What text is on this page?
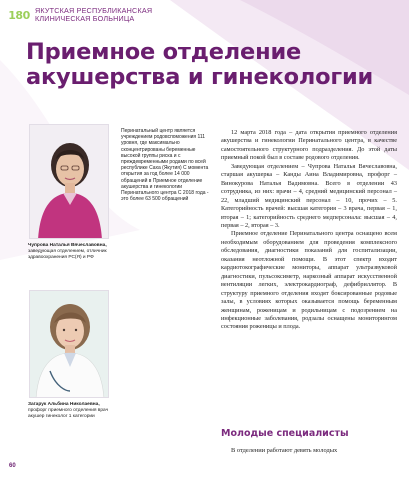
180 ЯКУТСКАЯ РЕСПУБЛИКАНСКАЯ
КЛИНИЧЕСКАЯ БОЛЬНИЦА
Приемное отделение
акушерства и гинекологии
Чупрова Наталья Вячеславовна,
заведующая отделением, отличник здравоохранения РС(Я) и РФ
Загарук Альбина Николаевна,
профорг приемного отделения врач акушер гинеколог 1 категории

Перинатальный центр является учреждением родовспоможения 111 уровня, где максимально сконцентрированы беременные высокой группы риска и с преждевременными родами по всей республике Саха (Якутия) С момента открытия за год более 14 000 обращений в Приемное отделение акушерства и гинекологии Перинатального центра С 2018 года - это более 63 500 обращений

12 марта 2018 года – дата открытия приемного отделения акушерства и гинекологии Перинатального центра, в качестве самостоятельного структурного подразделения. До этой даты приемный покой был в составе родового отделения.

Заведующая отделением – Чупрова Наталья Вячеславовна, старшая акушерка – Канды Аина Владимировна, профорг – Винокурова Наталья Вадимовна. Всего в отделении 43 сотрудника, из них: врачи – 4, средний медицинский персонал – 22, младший медицинский персонал – 10, прочих – 5. Категорийность врачей: высшая категория – 3 врача, первая – 1, вторая – 1; категорийность среднего медперсонала: высшая – 4, первая – 2, вторая – 3.

Приемное отделение Перинатального центра оснащено всем необходимым оборудованием для проведения комплексного обследования, диагностики показаний для госпитализации, оказания неотложной помощи. В этот спектр входит кардиотокографические мониторы, аппарат ультразвуковой диагностики, пульсоксиметр, наркозный аппарат искусственной вентиляции легких, электрокардиограф, дефибриллятор. В структуру приемного отделения входят боксированные родовые залы, в условиях которых оказывается помощь беременным женщинам, роженицам и родильницам с подозрением на инфекционные заболевания, родзалы оснащены мониторингом состояния роженицы и плода.

Молодые специалисты

В отделении работают девять молодых

60
